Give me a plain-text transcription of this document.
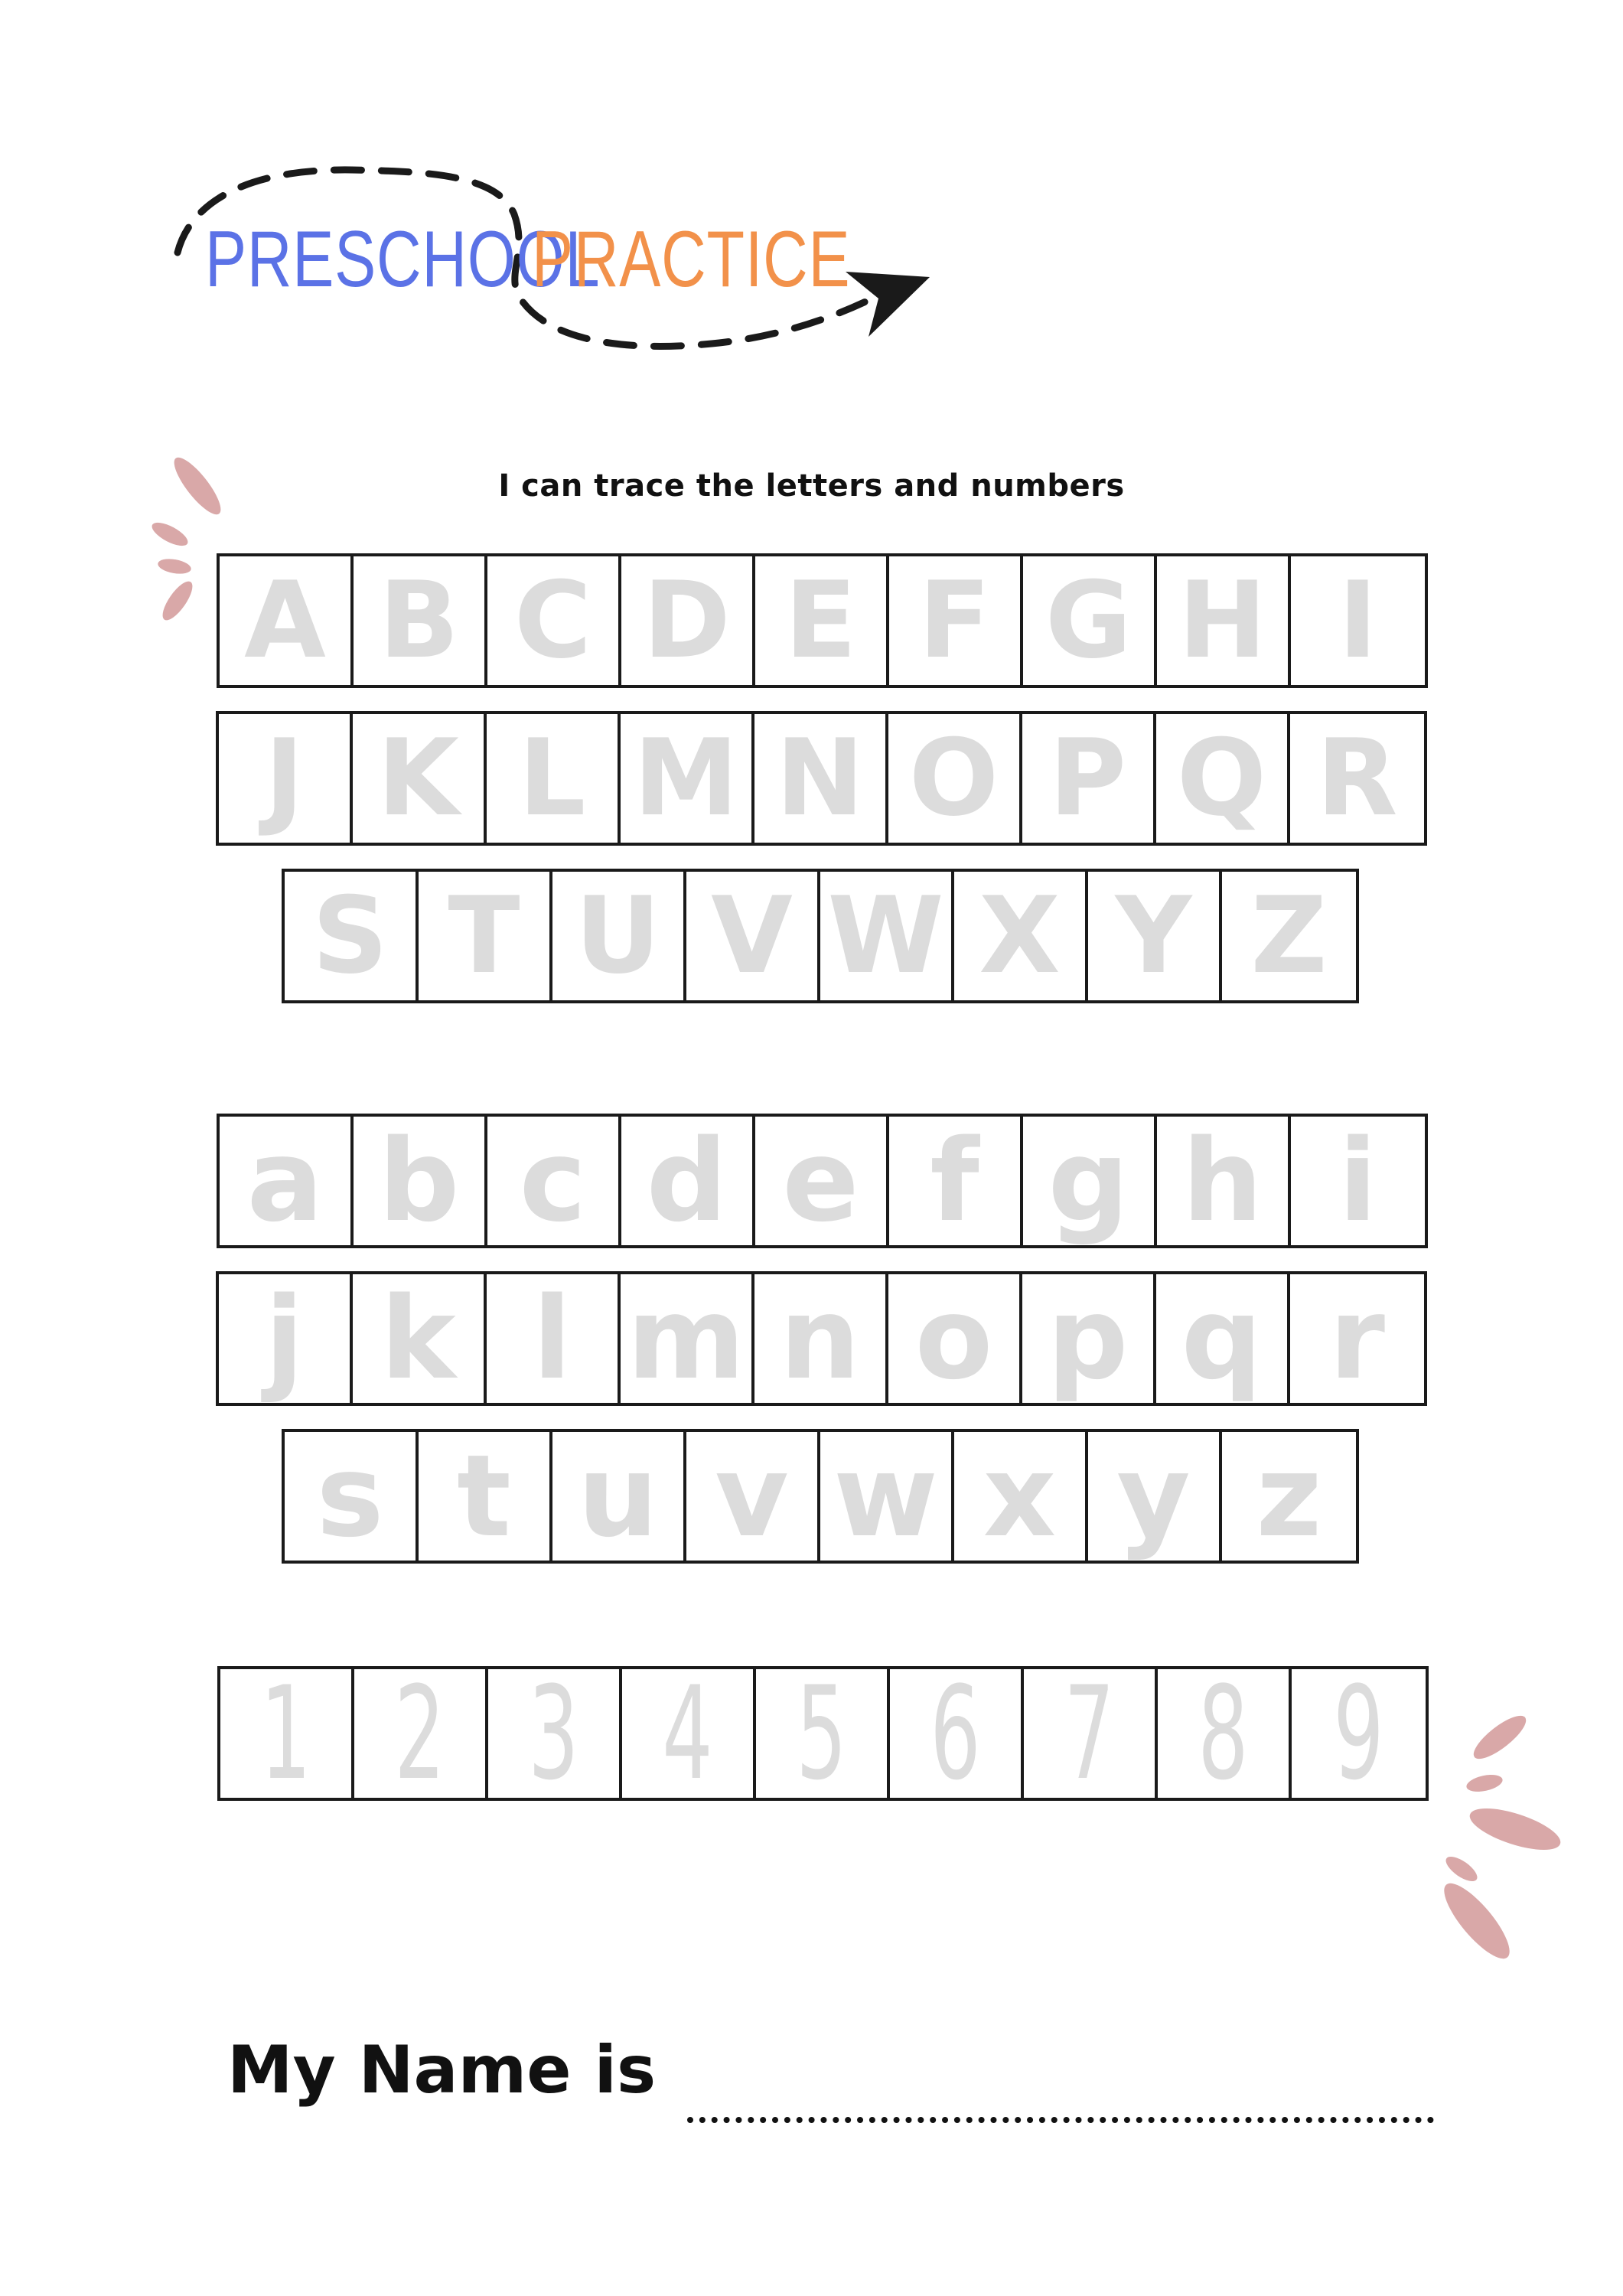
PRESCHOOL
PRACTICE
I can trace the letters and numbers
A B C D E F G H I
J K L M N O P Q R
S T U V W X Y Z
a b c d e f g h i
j k l m n o p q r
s t u v w x y z
1 2 3 4 5 6 7 8 9
My Name is
